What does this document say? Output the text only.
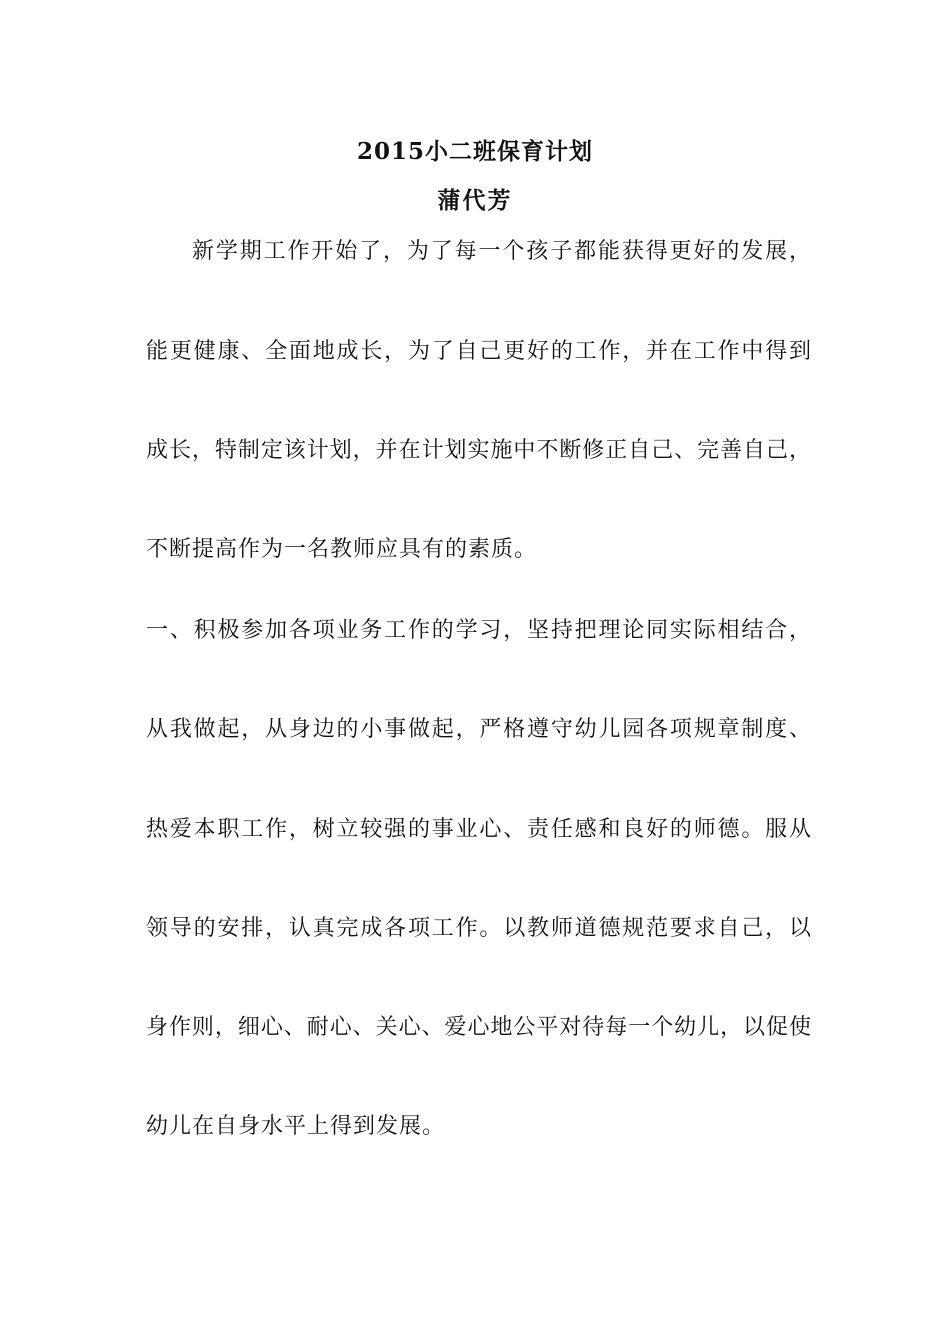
2015小二班保育计划
蒲代芳
新学期工作开始了，为了每一个孩子都能获得更好的发展，
能更健康、全面地成长，为了自己更好的工作，并在工作中得到
成长，特制定该计划，并在计划实施中不断修正自己、完善自己，
不断提高作为一名教师应具有的素质。
一、积极参加各项业务工作的学习，坚持把理论同实际相结合，
从我做起，从身边的小事做起，严格遵守幼儿园各项规章制度、
热爱本职工作，树立较强的事业心、责任感和良好的师德。服从
领导的安排，认真完成各项工作。以教师道德规范要求自己，以
身作则，细心、耐心、关心、爱心地公平对待每一个幼儿，以促使
幼儿在自身水平上得到发展。
